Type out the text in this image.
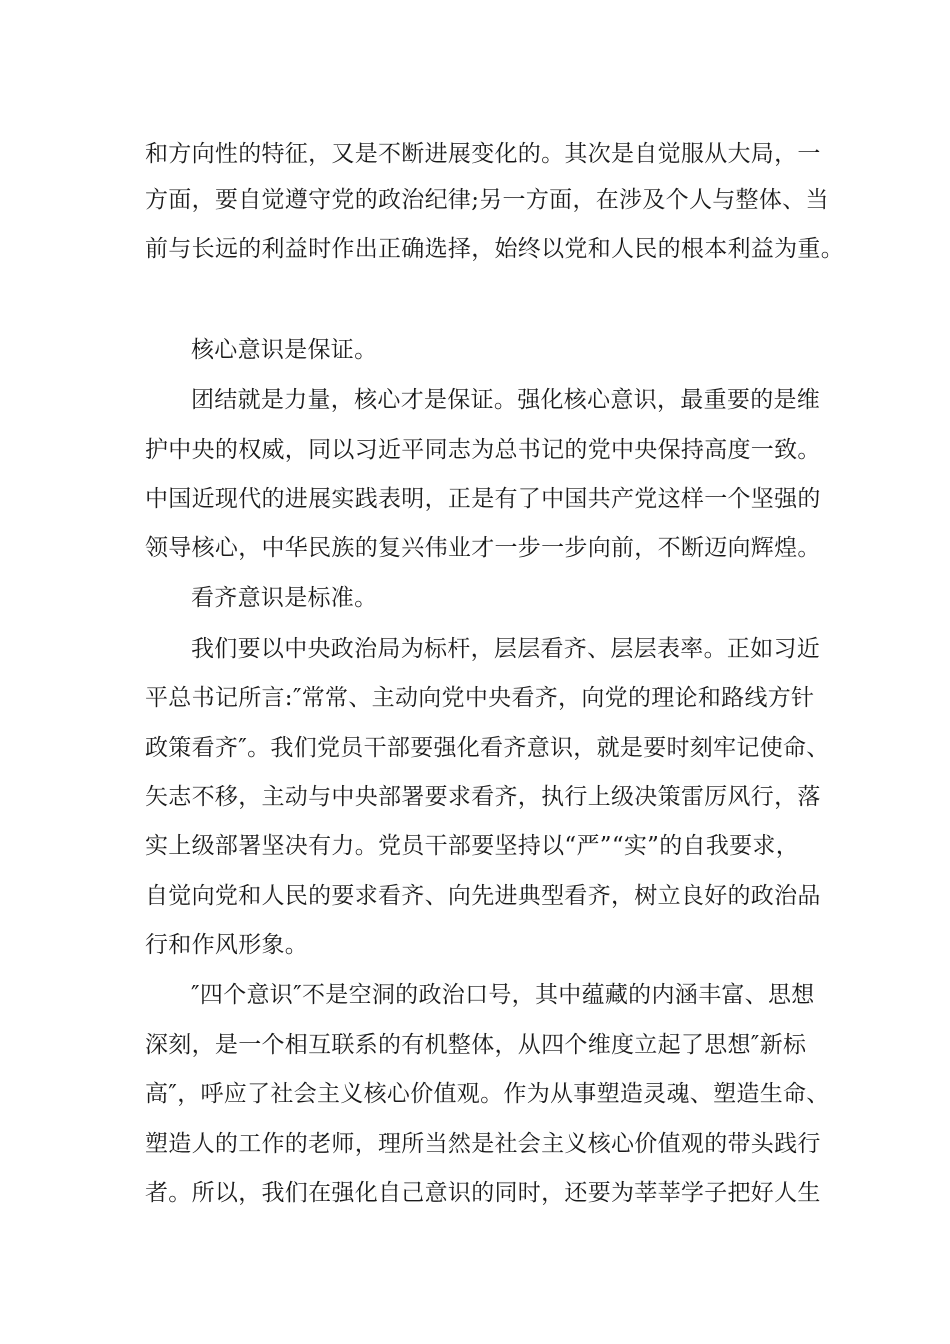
和方向性的特征，又是不断进展变化的。其次是自觉服从大局，一
方面，要自觉遵守党的政治纪律;另一方面，在涉及个人与整体、当
前与长远的利益时作出正确选择，始终以党和人民的根本利益为重。
核心意识是保证。
团结就是力量，核心才是保证。强化核心意识，最重要的是维
护中央的权威，同以习近平同志为总书记的党中央保持高度一致。
中国近现代的进展实践表明，正是有了中国共产党这样一个坚强的
领导核心，中华民族的复兴伟业才一步一步向前，不断迈向辉煌。
看齐意识是标准。
我们要以中央政治局为标杆，层层看齐、层层表率。正如习近
平总书记所言:″常常、主动向党中央看齐，向党的理论和路线方针
政策看齐″。我们党员干部要强化看齐意识，就是要时刻牢记使命、
矢志不移，主动与中央部署要求看齐，执行上级决策雷厉风行，落
实上级部署坚决有力。党员干部要坚持以“严”“实”的自我要求，
自觉向党和人民的要求看齐、向先进典型看齐，树立良好的政治品
行和作风形象。
″四个意识″不是空洞的政治口号，其中蕴藏的内涵丰富、思想
深刻，是一个相互联系的有机整体，从四个维度立起了思想″新标
高″，呼应了社会主义核心价值观。作为从事塑造灵魂、塑造生命、
塑造人的工作的老师，理所当然是社会主义核心价值观的带头践行
者。所以，我们在强化自己意识的同时，还要为莘莘学子把好人生
